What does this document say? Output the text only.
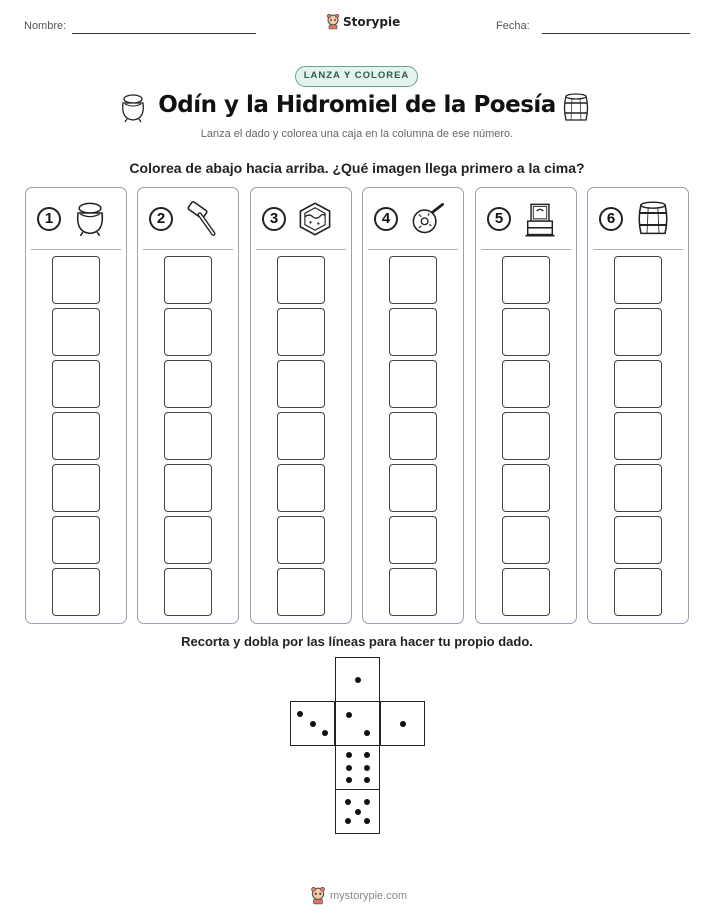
Nombre:	Storypie	Fecha:
LANZA Y COLOREA
Odín y la Hidromiel de la Poesía
Lanza el dado y colorea una caja en la columna de ese número.
Colorea de abajo hacia arriba. ¿Qué imagen llega primero a la cima?
1	2	3	4	5	6
Recorta y dobla por las líneas para hacer tu propio dado.
mystorypie.com
